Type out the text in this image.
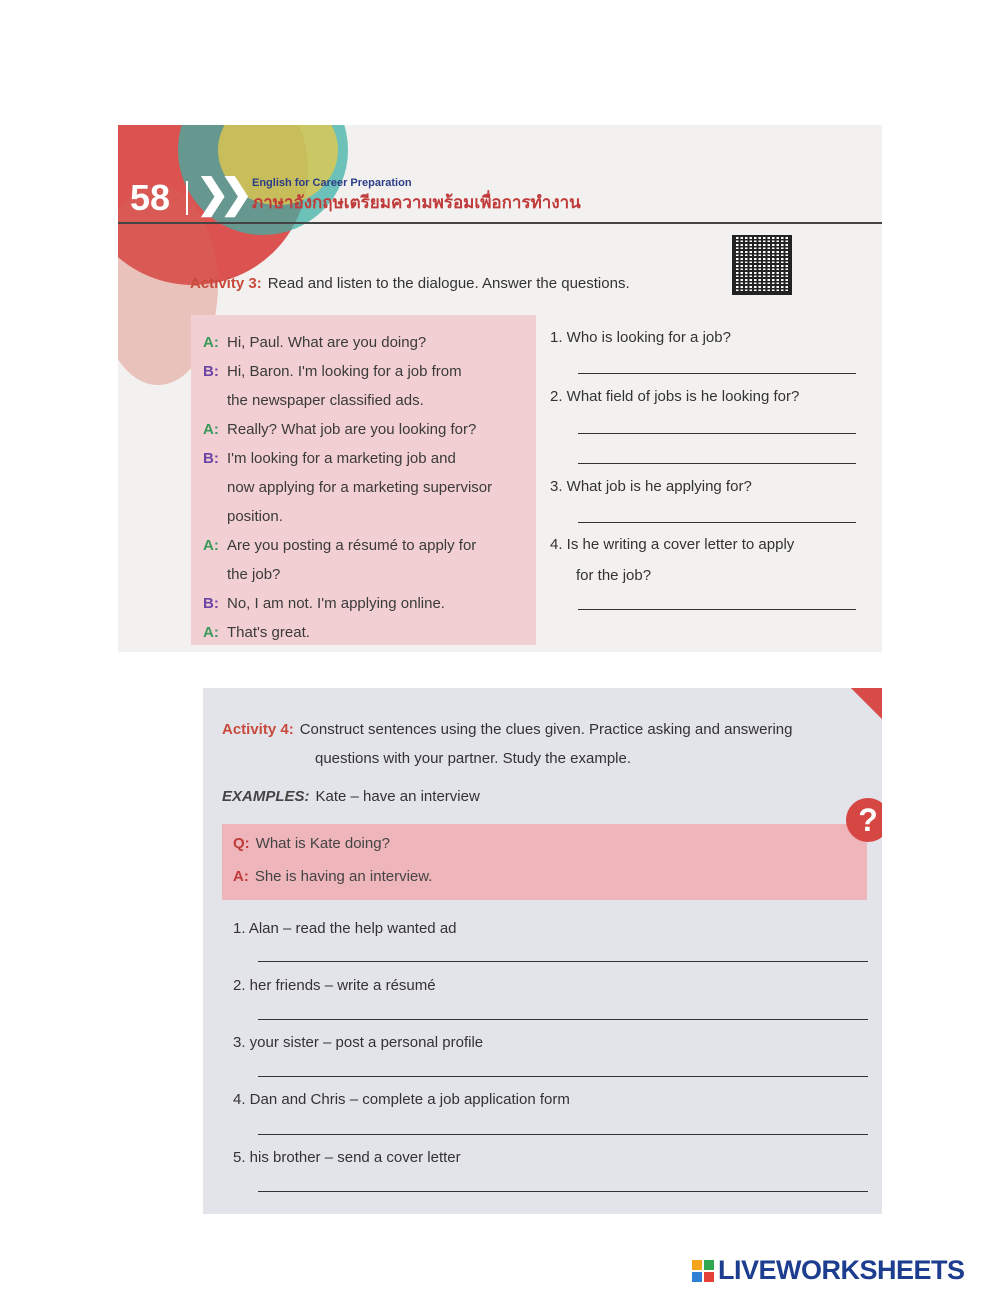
58 ❯❯ English for Career Preparation
ภาษาอังกฤษเตรียมความพร้อมเพื่อการทำงาน
Activity 3: Read and listen to the dialogue. Answer the questions.
A: Hi, Paul. What are you doing?
B: Hi, Baron. I'm looking for a job from
the newspaper classified ads.
A: Really? What job are you looking for?
B: I'm looking for a marketing job and
now applying for a marketing supervisor
position.
A: Are you posting a résumé to apply for
the job?
B: No, I am not. I'm applying online.
A: That's great.
1. Who is looking for a job?
2. What field of jobs is he looking for?
3. What job is he applying for?
4. Is he writing a cover letter to apply
for the job?
Activity 4: Construct sentences using the clues given. Practice asking and answering
questions with your partner. Study the example.
EXAMPLES: Kate – have an interview
Q: What is Kate doing?
A: She is having an interview.
?
1. Alan – read the help wanted ad
2. her friends – write a résumé
3. your sister – post a personal profile
4. Dan and Chris – complete a job application form
5. his brother – send a cover letter
LIVEWORKSHEETS
